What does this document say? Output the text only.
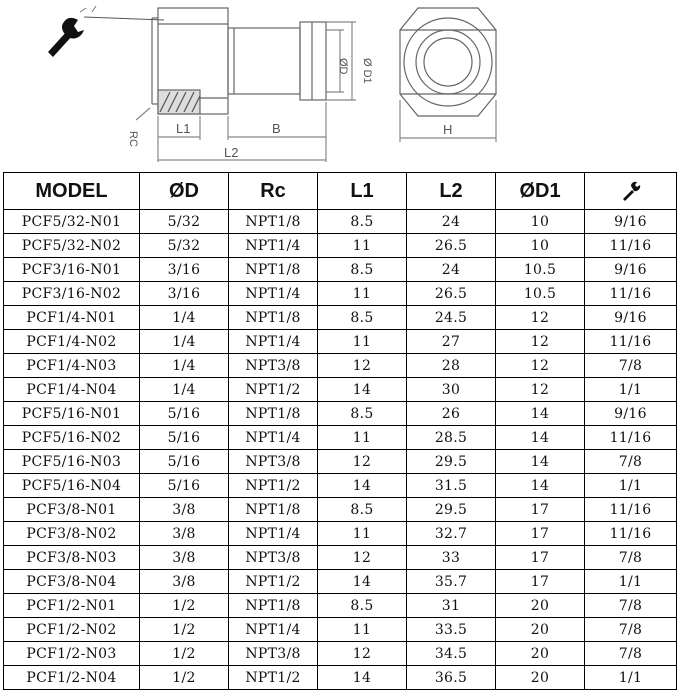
RC
L1	B
L2
ØD Ø D1
H
MODEL	ØD	Rc	L1	L2	ØD1	
PCF5/32-N01	5/32	NPT1/8	8.5	24	10	9/16
PCF5/32-N02	5/32	NPT1/4	11	26.5	10	11/16
PCF3/16-N01	3/16	NPT1/8	8.5	24	10.5	9/16
PCF3/16-N02	3/16	NPT1/4	11	26.5	10.5	11/16
PCF1/4-N01	1/4	NPT1/8	8.5	24.5	12	9/16
PCF1/4-N02	1/4	NPT1/4	11	27	12	11/16
PCF1/4-N03	1/4	NPT3/8	12	28	12	7/8
PCF1/4-N04	1/4	NPT1/2	14	30	12	1/1
PCF5/16-N01	5/16	NPT1/8	8.5	26	14	9/16
PCF5/16-N02	5/16	NPT1/4	11	28.5	14	11/16
PCF5/16-N03	5/16	NPT3/8	12	29.5	14	7/8
PCF5/16-N04	5/16	NPT1/2	14	31.5	14	1/1
PCF3/8-N01	3/8	NPT1/8	8.5	29.5	17	11/16
PCF3/8-N02	3/8	NPT1/4	11	32.7	17	11/16
PCF3/8-N03	3/8	NPT3/8	12	33	17	7/8
PCF3/8-N04	3/8	NPT1/2	14	35.7	17	1/1
PCF1/2-N01	1/2	NPT1/8	8.5	31	20	7/8
PCF1/2-N02	1/2	NPT1/4	11	33.5	20	7/8
PCF1/2-N03	1/2	NPT3/8	12	34.5	20	7/8
PCF1/2-N04	1/2	NPT1/2	14	36.5	20	1/1
